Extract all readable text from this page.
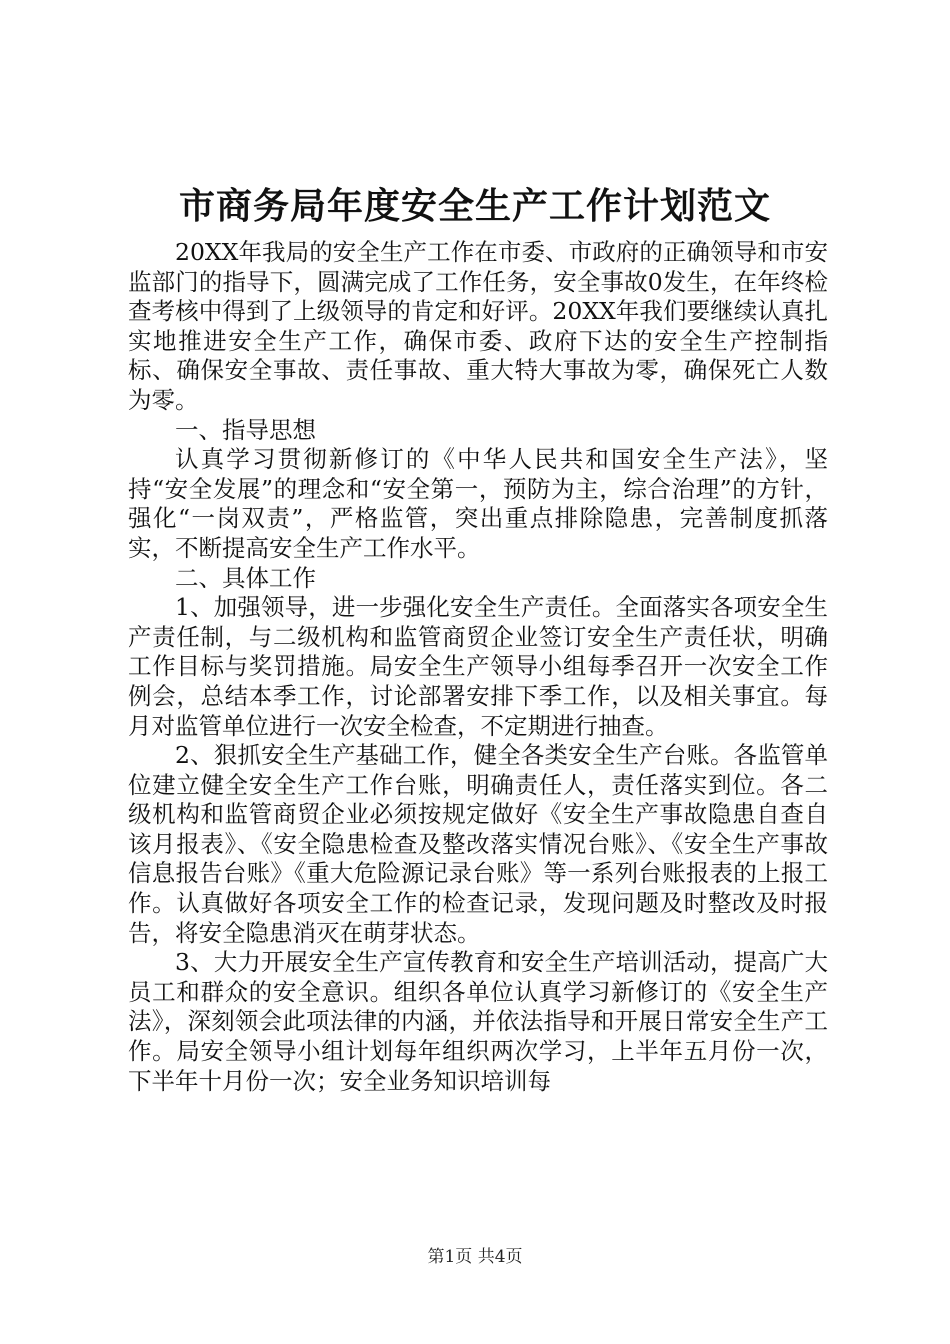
市商务局年度安全生产工作计划范文

20XX年我局的安全生产工作在市委、市政府的正确领导和市安监部门的指导下，圆满完成了工作任务，安全事故0发生，在年终检查考核中得到了上级领导的肯定和好评。20XX年我们要继续认真扎实地推进安全生产工作，确保市委、政府下达的安全生产控制指标、确保安全事故、责任事故、重大特大事故为零，确保死亡人数为零。

一、指导思想

认真学习贯彻新修订的《中华人民共和国安全生产法》，坚持“安全发展”的理念和“安全第一，预防为主，综合治理”的方针，强化“一岗双责”，严格监管，突出重点排除隐患，完善制度抓落实，不断提高安全生产工作水平。

二、具体工作

1、加强领导，进一步强化安全生产责任。全面落实各项安全生产责任制，与二级机构和监管商贸企业签订安全生产责任状，明确工作目标与奖罚措施。局安全生产领导小组每季召开一次安全工作例会，总结本季工作，讨论部署安排下季工作，以及相关事宜。每月对监管单位进行一次安全检查，不定期进行抽查。

2、狠抓安全生产基础工作，健全各类安全生产台账。各监管单位建立健全安全生产工作台账，明确责任人，责任落实到位。各二级机构和监管商贸企业必须按规定做好《安全生产事故隐患自查自该月报表》、《安全隐患检查及整改落实情况台账》、《安全生产事故信息报告台账》《重大危险源记录台账》等一系列台账报表的上报工作。认真做好各项安全工作的检查记录，发现问题及时整改及时报告，将安全隐患消灭在萌芽状态。

3、大力开展安全生产宣传教育和安全生产培训活动，提高广大员工和群众的安全意识。组织各单位认真学习新修订的《安全生产法》，深刻领会此项法律的内涵，并依法指导和开展日常安全生产工作。局安全领导小组计划每年组织两次学习，上半年五月份一次，下半年十月份一次；安全业务知识培训每

第1页 共4页
